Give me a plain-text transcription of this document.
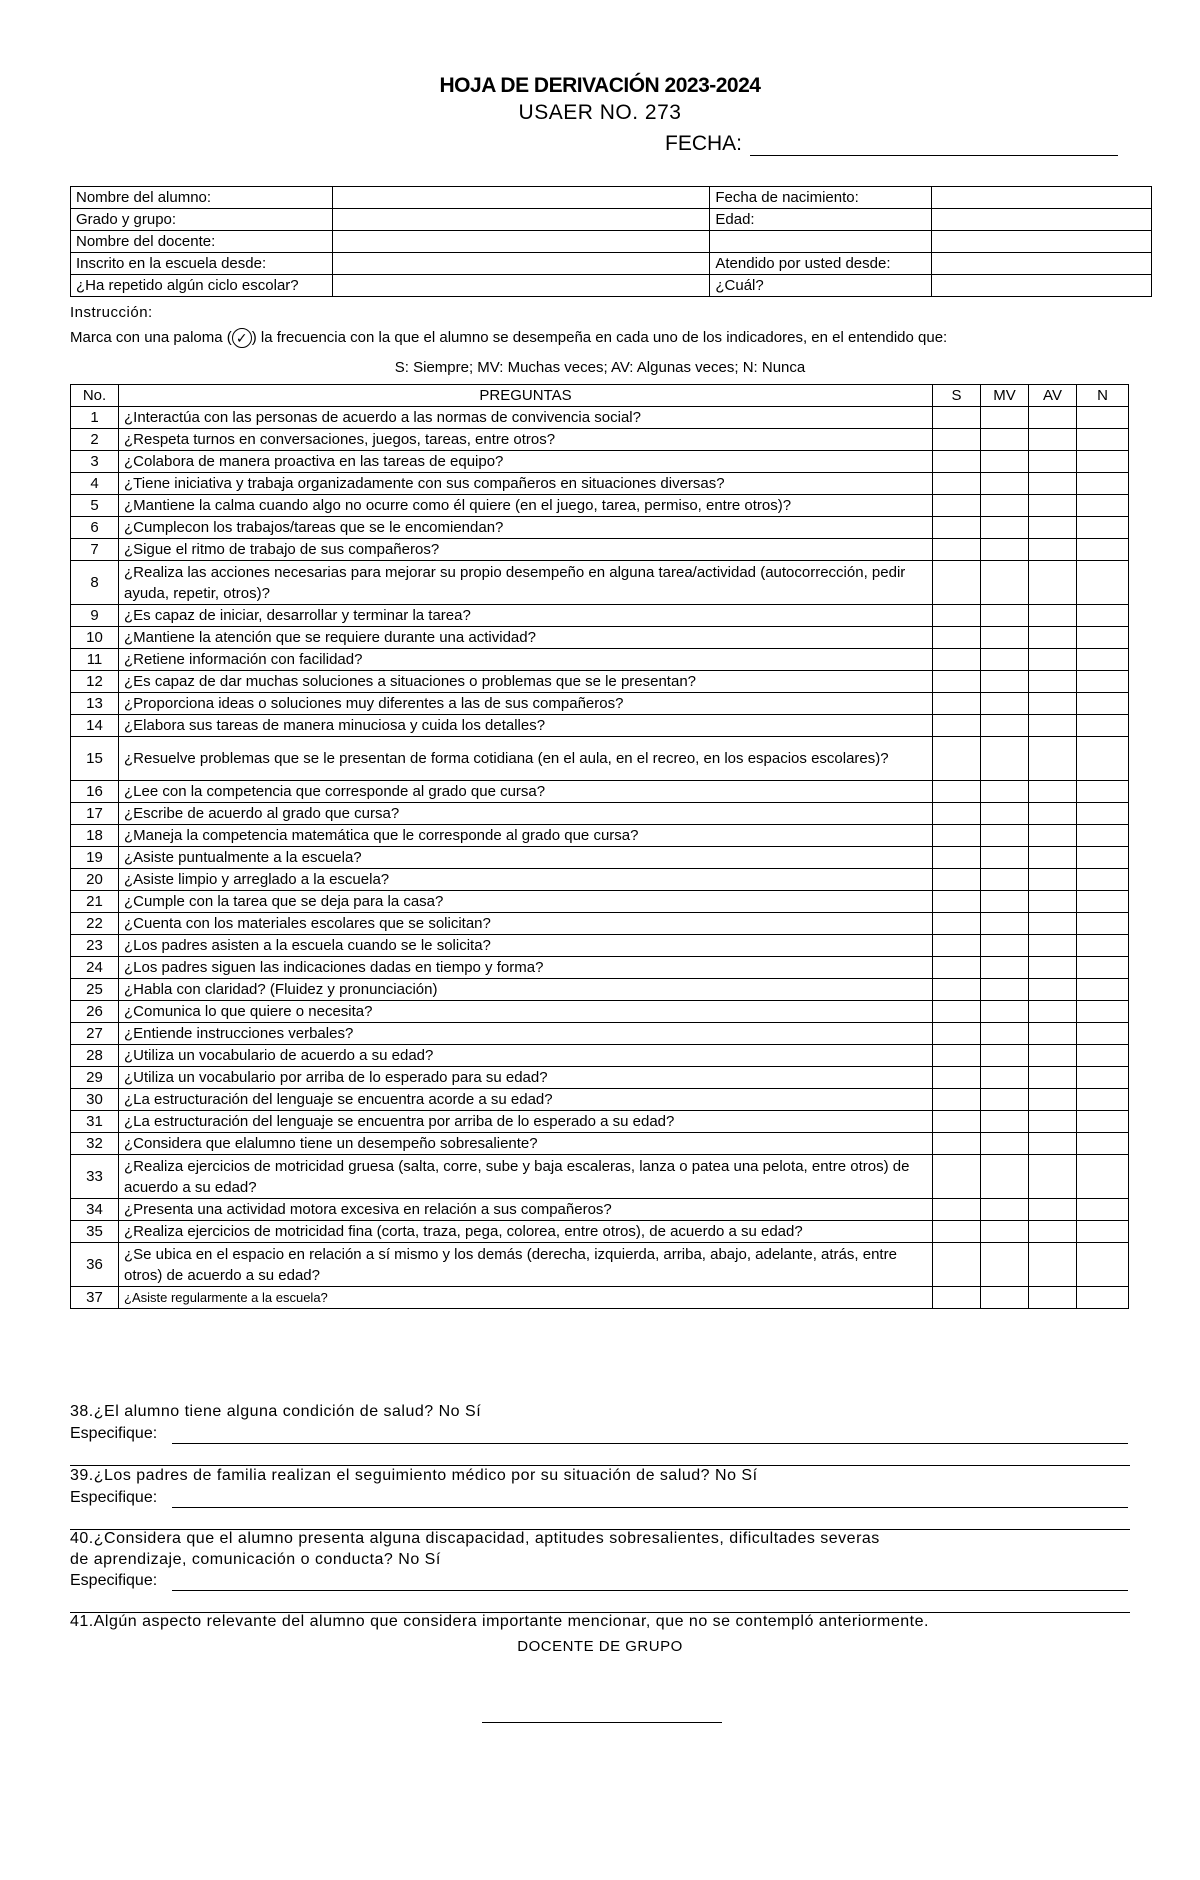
HOJA DE DERIVACIÓN 2023-2024
USAER NO. 273
FECHA:
Nombre del alumno:		Fecha de nacimiento:	
Grado y grupo:		Edad:	
Nombre del docente:			
Inscrito en la escuela desde:		Atendido por usted desde:	
¿Ha repetido algún ciclo escolar?		¿Cuál?	
Instrucción:
Marca con una paloma ( ✓ ) la frecuencia con la que el alumno se desempeña en cada uno de los indicadores, en el entendido que:
S: Siempre; MV: Muchas veces; AV: Algunas veces; N: Nunca
No.	PREGUNTAS	S	MV	AV	N
1	¿Interactúa con las personas de acuerdo a las normas de convivencia social?				
2	¿Respeta turnos en conversaciones, juegos, tareas, entre otros?				
3	¿Colabora de manera proactiva en las tareas de equipo?				
4	¿Tiene iniciativa y trabaja organizadamente con sus compañeros en situaciones diversas?				
5	¿Mantiene la calma cuando algo no ocurre como él quiere (en el juego, tarea, permiso, entre otros)?				
6	¿Cumplecon los trabajos/tareas que se le encomiendan?				
7	¿Sigue el ritmo de trabajo de sus compañeros?				
8	¿Realiza las acciones necesarias para mejorar su propio desempeño en alguna tarea/actividad (autocorrección, pedir ayuda, repetir, otros)?				
9	¿Es capaz de iniciar, desarrollar y terminar la tarea?				
10	¿Mantiene la atención que se requiere durante una actividad?				
11	¿Retiene información con facilidad?				
12	¿Es capaz de dar muchas soluciones a situaciones o problemas que se le presentan?				
13	¿Proporciona ideas o soluciones muy diferentes a las de sus compañeros?				
14	¿Elabora sus tareas de manera minuciosa y cuida los detalles?				
15	¿Resuelve problemas que se le presentan de forma cotidiana (en el aula, en el recreo, en los espacios escolares)?				
16	¿Lee con la competencia que corresponde al grado que cursa?				
17	¿Escribe de acuerdo al grado que cursa?				
18	¿Maneja la competencia matemática que le corresponde al grado que cursa?				
19	¿Asiste puntualmente a la escuela?				
20	¿Asiste limpio y arreglado a la escuela?				
21	¿Cumple con la tarea que se deja para la casa?				
22	¿Cuenta con los materiales escolares que se solicitan?				
23	¿Los padres asisten a la escuela cuando se le solicita?				
24	¿Los padres siguen las indicaciones dadas en tiempo y forma?				
25	¿Habla con claridad? (Fluidez y pronunciación)				
26	¿Comunica lo que quiere o necesita?				
27	¿Entiende instrucciones verbales?				
28	¿Utiliza un vocabulario de acuerdo a su edad?				
29	¿Utiliza un vocabulario por arriba de lo esperado para su edad?				
30	¿La estructuración del lenguaje se encuentra acorde a su edad?				
31	¿La estructuración del lenguaje se encuentra por arriba de lo esperado a su edad?				
32	¿Considera que elalumno tiene un desempeño sobresaliente?				
33	¿Realiza ejercicios de motricidad gruesa (salta, corre, sube y baja escaleras, lanza o patea una pelota, entre otros) de acuerdo a su edad?				
34	¿Presenta una actividad motora excesiva en relación a sus compañeros?				
35	¿Realiza ejercicios de motricidad fina (corta, traza, pega, colorea, entre otros), de acuerdo a su edad?				
36	¿Se ubica en el espacio en relación a sí mismo y los demás (derecha, izquierda, arriba, abajo, adelante, atrás, entre otros) de acuerdo a su edad?				
37	¿Asiste regularmente a la escuela?				
38.¿El alumno tiene alguna condición de salud? No Sí
Especifique:
39.¿Los padres de familia realizan el seguimiento médico por su situación de salud? No Sí
Especifique:
40.¿Considera que el alumno presenta alguna discapacidad, aptitudes sobresalientes, dificultades severas
de aprendizaje, comunicación o conducta? No Sí
Especifique:
41.Algún aspecto relevante del alumno que considera importante mencionar, que no se contempló anteriormente.
DOCENTE DE GRUPO
